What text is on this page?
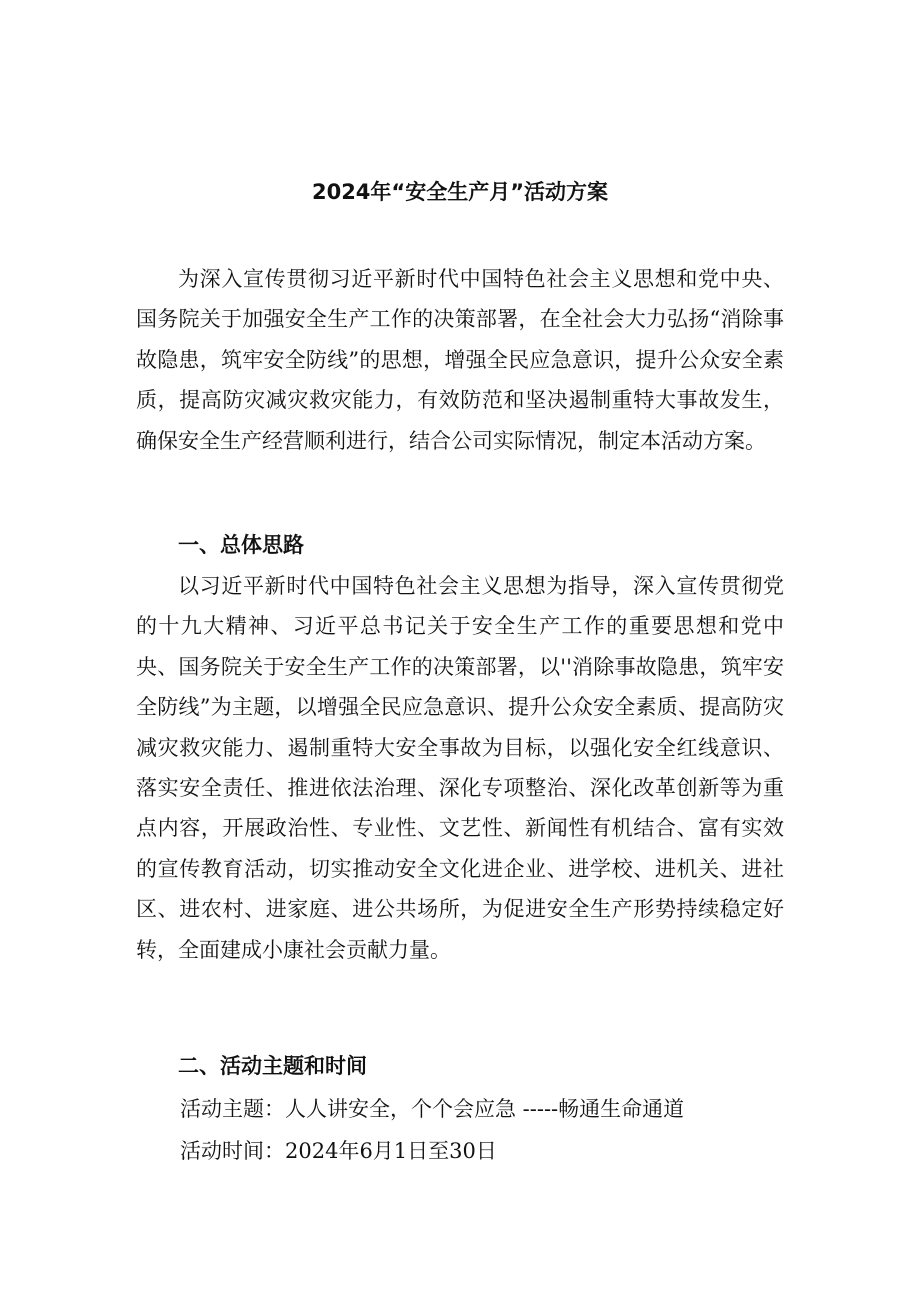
2024年“安全生产月”活动方案

为深入宣传贯彻习近平新时代中国特色社会主义思想和党中央、国务院关于加强安全生产工作的决策部署，在全社会大力弘扬“消除事故隐患，筑牢安全防线”的思想，增强全民应急意识，提升公众安全素质，提高防灾减灾救灾能力，有效防范和坚决遏制重特大事故发生，确保安全生产经营顺利进行，结合公司实际情况，制定本活动方案。

一、总体思路

以习近平新时代中国特色社会主义思想为指导，深入宣传贯彻党的十九大精神、习近平总书记关于安全生产工作的重要思想和党中央、国务院关于安全生产工作的决策部署，以''消除事故隐患，筑牢安全防线”为主题，以增强全民应急意识、提升公众安全素质、提高防灾减灾救灾能力、遏制重特大安全事故为目标，以强化安全红线意识、落实安全责任、推进依法治理、深化专项整治、深化改革创新等为重点内容，开展政治性、专业性、文艺性、新闻性有机结合、富有实效的宣传教育活动，切实推动安全文化进企业、进学校、进机关、进社区、进农村、进家庭、进公共场所，为促进安全生产形势持续稳定好转，全面建成小康社会贡献力量。

二、活动主题和时间

活动主题：人人讲安全，个个会应急 -----畅通生命通道

活动时间：2024年6月1日至30日
